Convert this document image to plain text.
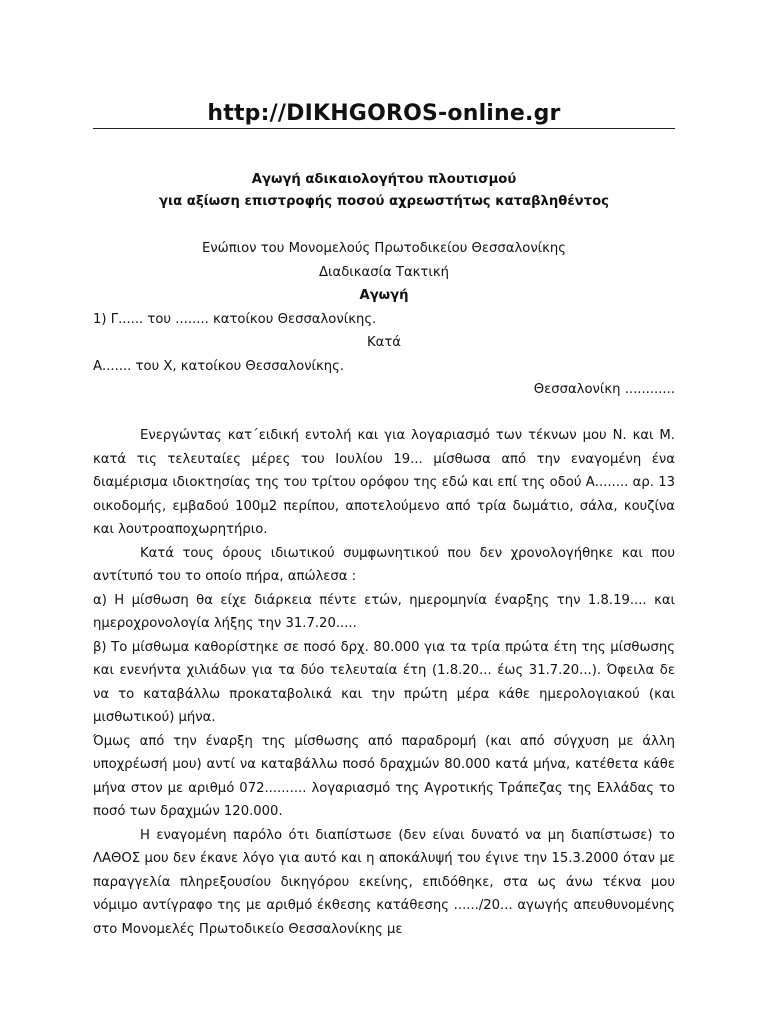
http://DIKHGOROS-online.gr
Αγωγή αδικαιολογήτου πλουτισμού
για αξίωση επιστροφής ποσού αχρεωστήτως καταβληθέντος
Ενώπιον του Μονομελούς Πρωτοδικείου Θεσσαλονίκης
Διαδικασία Τακτική
Αγωγή
1) Γ...... του ........ κατοίκου Θεσσαλονίκης.
Κατά
Α....... του Χ, κατοίκου Θεσσαλονίκης.
Θεσσαλονίκη ............

Ενεργώντας κατ΄ειδική εντολή και για λογαριασμό των τέκνων μου Ν. και Μ. κατά τις τελευταίες μέρες του Ιουλίου 19... μίσθωσα από την εναγομένη ένα διαμέρισμα ιδιοκτησίας της του τρίτου ορόφου της εδώ και επί της οδού Α........ αρ. 13 οικοδομής, εμβαδού 100μ2 περίπου, αποτελούμενο από τρία δωμάτιο, σάλα, κουζίνα και λουτροαποχωρητήριο.

Κατά τους όρους ιδιωτικού συμφωνητικού που δεν χρονολογήθηκε και που αντίτυπό του το οποίο πήρα, απώλεσα :

α) Η μίσθωση θα είχε διάρκεια πέντε ετών, ημερομηνία έναρξης την 1.8.19.... και ημεροχρονολογία λήξης την 31.7.20.....

β) Το μίσθωμα καθορίστηκε σε ποσό δρχ. 80.000 για τα τρία πρώτα έτη της μίσθωσης και ενενήντα χιλιάδων για τα δύο τελευταία έτη (1.8.20... έως 31.7.20...). Όφειλα δε να το καταβάλλω προκαταβολικά και την πρώτη μέρα κάθε ημερολογιακού (και μισθωτικού) μήνα.

Όμως από την έναρξη της μίσθωσης από παραδρομή (και από σύγχυση με άλλη υποχρέωσή μου) αντί να καταβάλλω ποσό δραχμών 80.000 κατά μήνα, κατέθετα κάθε μήνα στον με αριθμό 072.......... λογαριασμό της Αγροτικής Τράπεζας της Ελλάδας το ποσό των δραχμών 120.000.

Η εναγομένη παρόλο ότι διαπίστωσε (δεν είναι δυνατό να μη διαπίστωσε) το ΛΑΘΟΣ μου δεν έκανε λόγο για αυτό και η αποκάλυψή του έγινε την 15.3.2000 όταν με παραγγελία πληρεξουσίου δικηγόρου εκείνης, επιδόθηκε, στα ως άνω τέκνα μου νόμιμο αντίγραφο της με αριθμό έκθεσης κατάθεσης ....../20... αγωγής απευθυνομένης στο Μονομελές Πρωτοδικείο Θεσσαλονίκης με
